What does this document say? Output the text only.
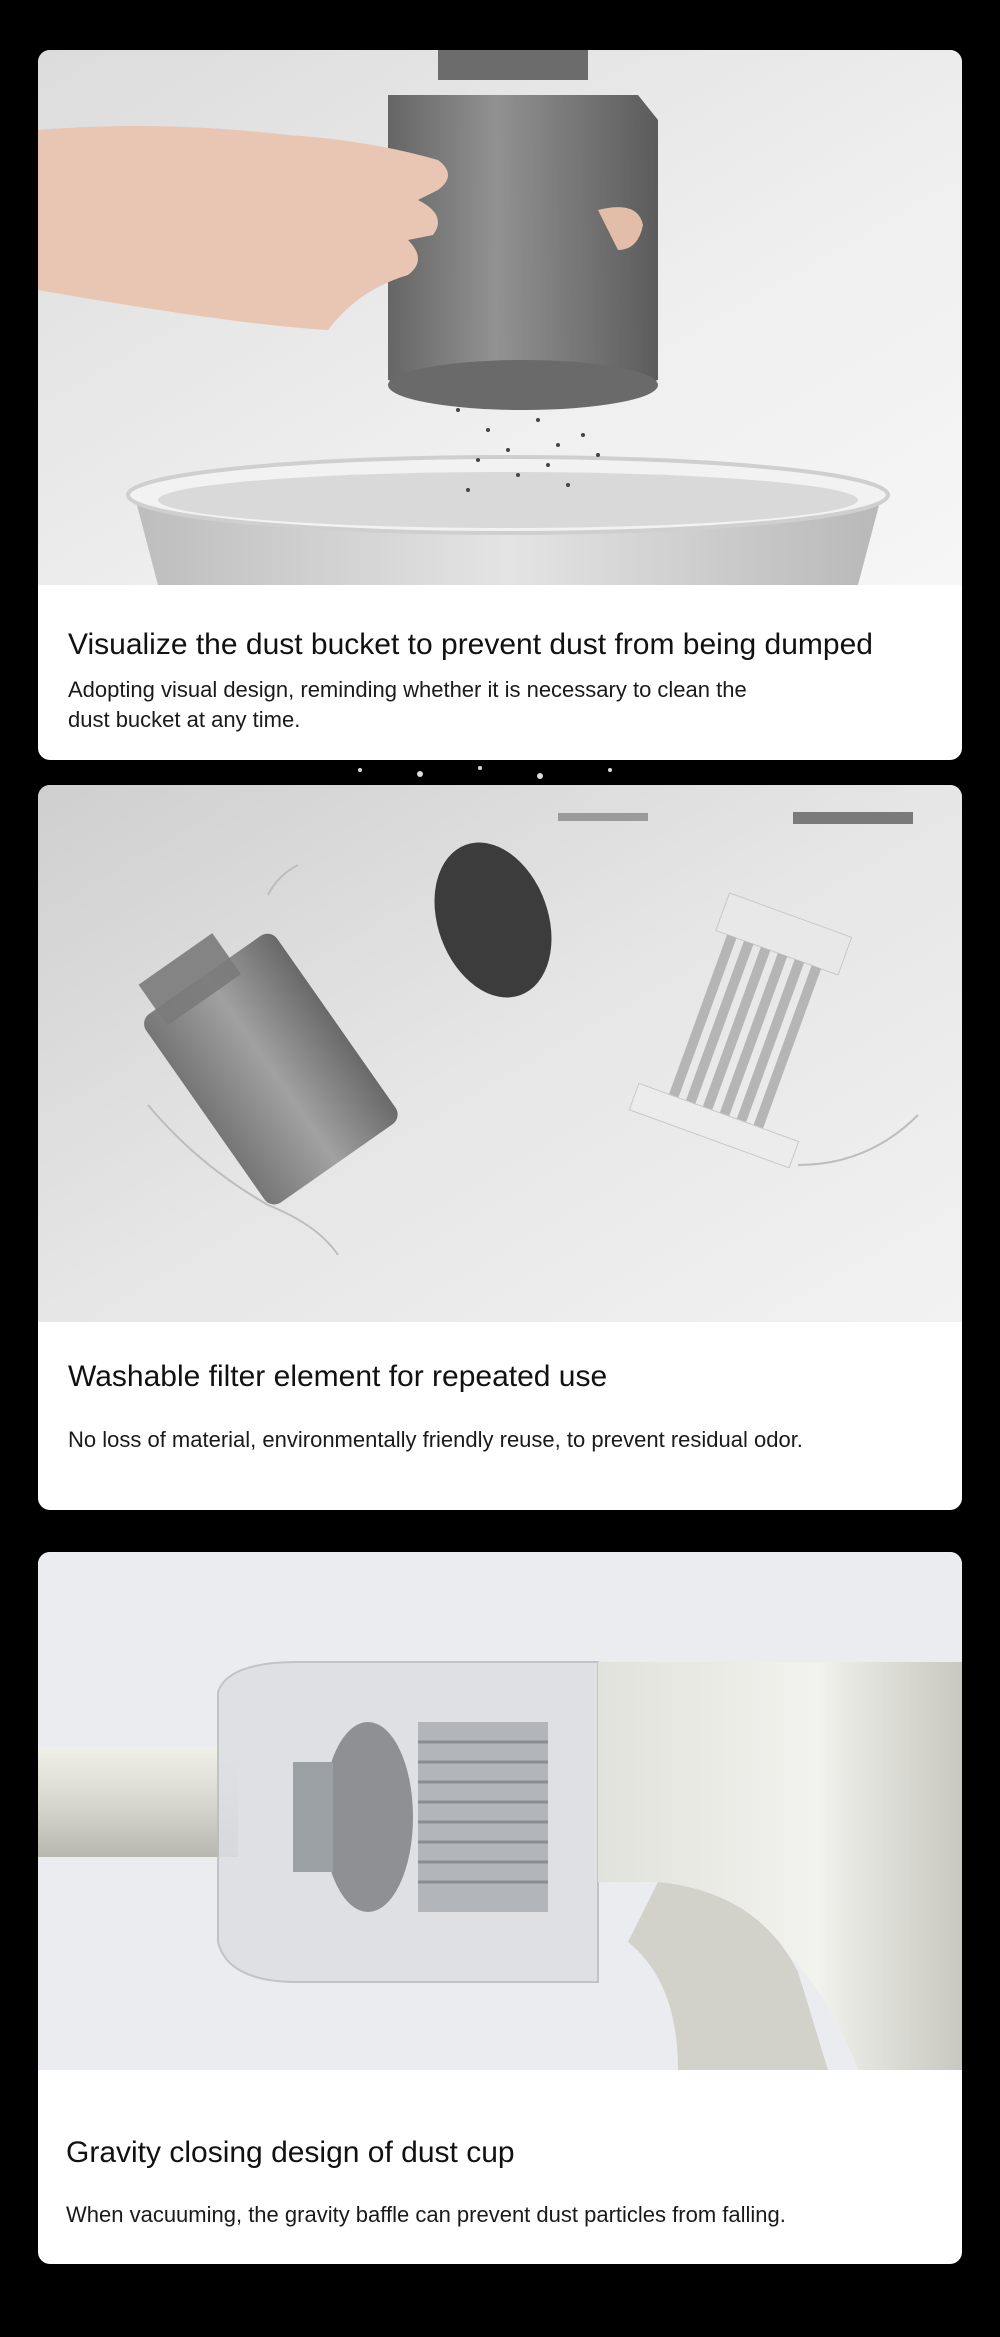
Visualize the dust bucket to prevent dust from being dumped

Adopting visual design, reminding whether it is necessary to clean the dust bucket at any time.

Washable filter element for repeated use

No loss of material, environmentally friendly reuse, to prevent residual odor.

Gravity closing design of dust cup

When vacuuming, the gravity baffle can prevent dust particles from falling.
